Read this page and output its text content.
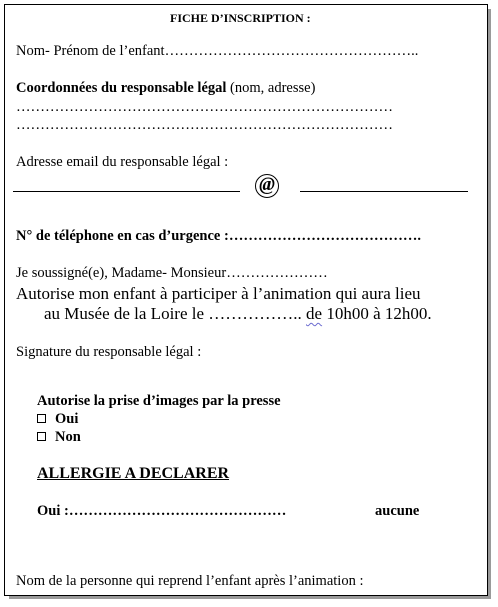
FICHE D’INSCRIPTION :
Nom- Prénom de l’enfant……………………………………………..
Coordonnées du responsable légal (nom, adresse)
……………………………………………………………………
……………………………………………………………………
Adresse email du responsable légal :
@
N° de téléphone en cas d’urgence :………………………………….
Je soussigné(e), Madame- Monsieur…………………
Autorise mon enfant à participer à l’animation qui aura lieu
au Musée de la Loire le …………….. de 10h00 à 12h00.
Signature du responsable légal :
Autorise la prise d’images par la presse
Oui
Non
ALLERGIE A DECLARER
Oui :………………………………………	aucune
Nom de la personne qui reprend l’enfant après l’animation :
